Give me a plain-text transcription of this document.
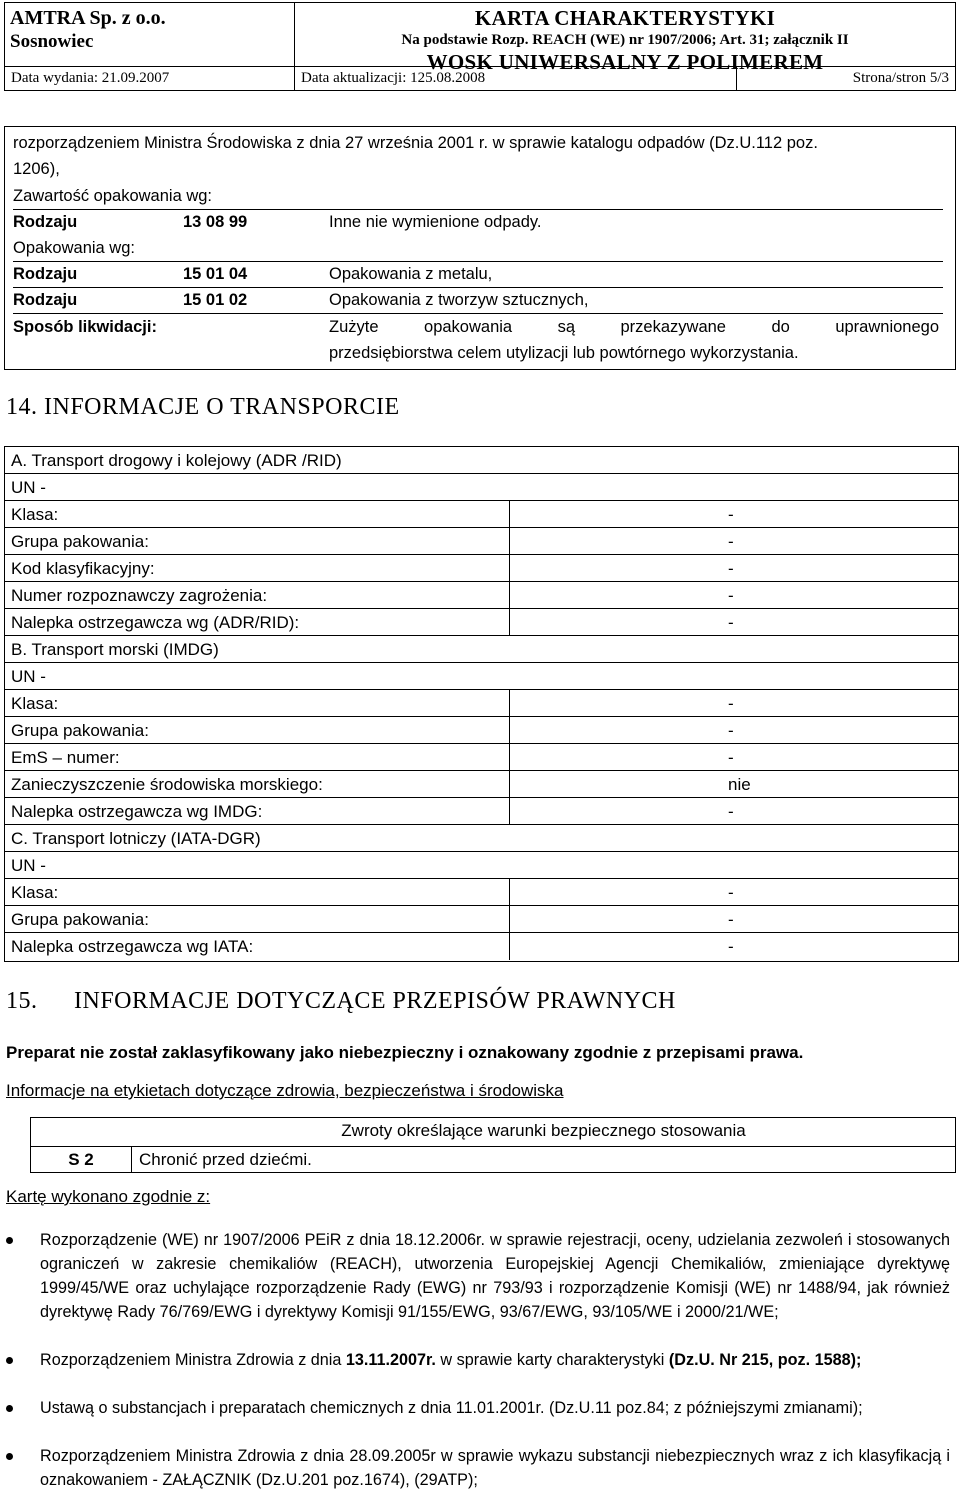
AMTRA Sp. z o.o.
Sosnowiec
KARTA CHARAKTERYSTYKI
Na podstawie Rozp. REACH (WE) nr 1907/2006; Art. 31; załącznik II
WOSK UNIWERSALNY Z POLIMEREM
Data wydania: 21.09.2007	Data aktualizacji: 125.08.2008	Strona/stron 5/3
rozporządzeniem Ministra Środowiska z dnia 27 września 2001 r. w sprawie katalogu odpadów (Dz.U.112 poz.
1206),
Zawartość opakowania wg:
Rodzaju	13 08 99	Inne nie wymienione odpady.
Opakowania wg:
Rodzaju	15 01 04	Opakowania z metalu,
Rodzaju	15 01 02	Opakowania z tworzyw sztucznych,
Sposób likwidacji:	Zużyte opakowania są przekazywane do uprawnionego
przedsiębiorstwa celem utylizacji lub powtórnego wykorzystania.
14. INFORMACJE O TRANSPORCIE
A. Transport drogowy i kolejowy (ADR /RID)
UN -
Klasa:	-
Grupa pakowania:	-
Kod klasyfikacyjny:	-
Numer rozpoznawczy zagrożenia:	-
Nalepka ostrzegawcza wg (ADR/RID):	-
B. Transport morski (IMDG)
UN -
Klasa:	-
Grupa pakowania:	-
EmS – numer:	-
Zanieczyszczenie środowiska morskiego:	nie
Nalepka ostrzegawcza wg IMDG:	-
C. Transport lotniczy (IATA-DGR)
UN -
Klasa:	-
Grupa pakowania:	-
Nalepka ostrzegawcza wg IATA:	-
15. INFORMACJE DOTYCZĄCE PRZEPISÓW PRAWNYCH
Preparat nie został zaklasyfikowany jako niebezpieczny i oznakowany zgodnie z przepisami prawa.
Informacje na etykietach dotyczące zdrowia, bezpieczeństwa i środowiska
Zwroty określające warunki bezpiecznego stosowania
S 2	Chronić przed dziećmi.
Kartę wykonano zgodnie z:
Rozporządzenie (WE) nr 1907/2006 PEiR z dnia 18.12.2006r. w sprawie rejestracji, oceny, udzielania zezwoleń i stosowanych ograniczeń w zakresie chemikaliów (REACH), utworzenia Europejskiej Agencji Chemikaliów, zmieniające dyrektywę 1999/45/WE oraz uchylające rozporządzenie Rady (EWG) nr 793/93 i rozporządzenie Komisji (WE) nr 1488/94, jak również dyrektywę Rady 76/769/EWG i dyrektywy Komisji 91/155/EWG, 93/67/EWG, 93/105/WE i 2000/21/WE;
Rozporządzeniem Ministra Zdrowia z dnia 13.11.2007r. w sprawie karty charakterystyki (Dz.U. Nr 215, poz. 1588);
Ustawą o substancjach i preparatach chemicznych z dnia 11.01.2001r. (Dz.U.11 poz.84; z późniejszymi zmianami);
Rozporządzeniem Ministra Zdrowia z dnia 28.09.2005r w sprawie wykazu substancji niebezpiecznych wraz z ich klasyfikacją i oznakowaniem - ZAŁĄCZNIK (Dz.U.201 poz.1674), (29ATP);
